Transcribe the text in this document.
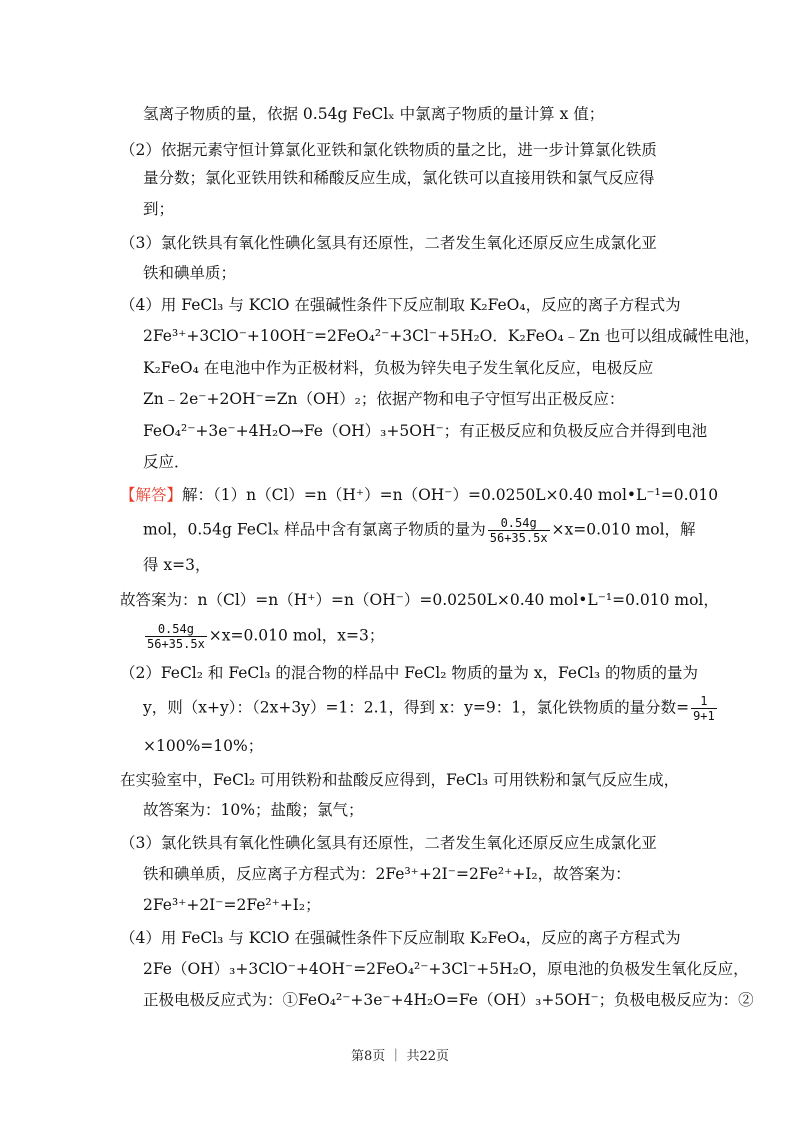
氢离子物质的量，依据 0.54g FeClₓ 中氯离子物质的量计算 x 值；
（2）依据元素守恒计算氯化亚铁和氯化铁物质的量之比，进一步计算氯化铁质
量分数；氯化亚铁用铁和稀酸反应生成，氯化铁可以直接用铁和氯气反应得
到；
（3）氯化铁具有氧化性碘化氢具有还原性，二者发生氧化还原反应生成氯化亚
铁和碘单质；
（4）用 FeCl₃ 与 KClO 在强碱性条件下反应制取 K₂FeO₄，反应的离子方程式为
2Fe³⁺+3ClO⁻+10OH⁻=2FeO₄²⁻+3Cl⁻+5H₂O．K₂FeO₄﹣Zn 也可以组成碱性电池，
K₂FeO₄ 在电池中作为正极材料，负极为锌失电子发生氧化反应，电极反应
Zn﹣2e⁻+2OH⁻=Zn（OH）₂；依据产物和电子守恒写出正极反应：
FeO₄²⁻+3e⁻+4H₂O→Fe（OH）₃+5OH⁻；有正极反应和负极反应合并得到电池
反应．
【解答】解：（1）n（Cl）=n（H⁺）=n（OH⁻）=0.0250L×0.40 mol•L⁻¹=0.010
mol，0.54g FeClₓ 样品中含有氯离子物质的量为 $\frac{0.54g}{56+35.5x} \times x=0.010$ mol，解
得 x=3，
故答案为：n（Cl）=n（H⁺）=n（OH⁻）=0.0250L×0.40 mol•L⁻¹=0.010 mol，
$\frac{0.54g}{56+35.5x} \times x=0.010$ mol，x=3；
（2）FeCl₂ 和 FeCl₃ 的混合物的样品中 FeCl₂ 物质的量为 x，FeCl₃ 的物质的量为
y，则（x+y）：（2x+3y）=1：2.1，得到 x：y=9：1，氯化铁物质的量分数= $\frac{1}{9+1}$
×100%=10%；
在实验室中，FeCl₂ 可用铁粉和盐酸反应得到，FeCl₃ 可用铁粉和氯气反应生成，
故答案为：10%；盐酸；氯气；
（3）氯化铁具有氧化性碘化氢具有还原性，二者发生氧化还原反应生成氯化亚
铁和碘单质，反应离子方程式为：2Fe³⁺+2I⁻=2Fe²⁺+I₂，故答案为：
2Fe³⁺+2I⁻=2Fe²⁺+I₂；
（4）用 FeCl₃ 与 KClO 在强碱性条件下反应制取 K₂FeO₄，反应的离子方程式为
2Fe（OH）₃+3ClO⁻+4OH⁻=2FeO₄²⁻+3Cl⁻+5H₂O，原电池的负极发生氧化反应，
正极电极反应式为：①FeO₄²⁻+3e⁻+4H₂O=Fe（OH）₃+5OH⁻；负极电极反应为：②
第8页 ｜ 共22页
